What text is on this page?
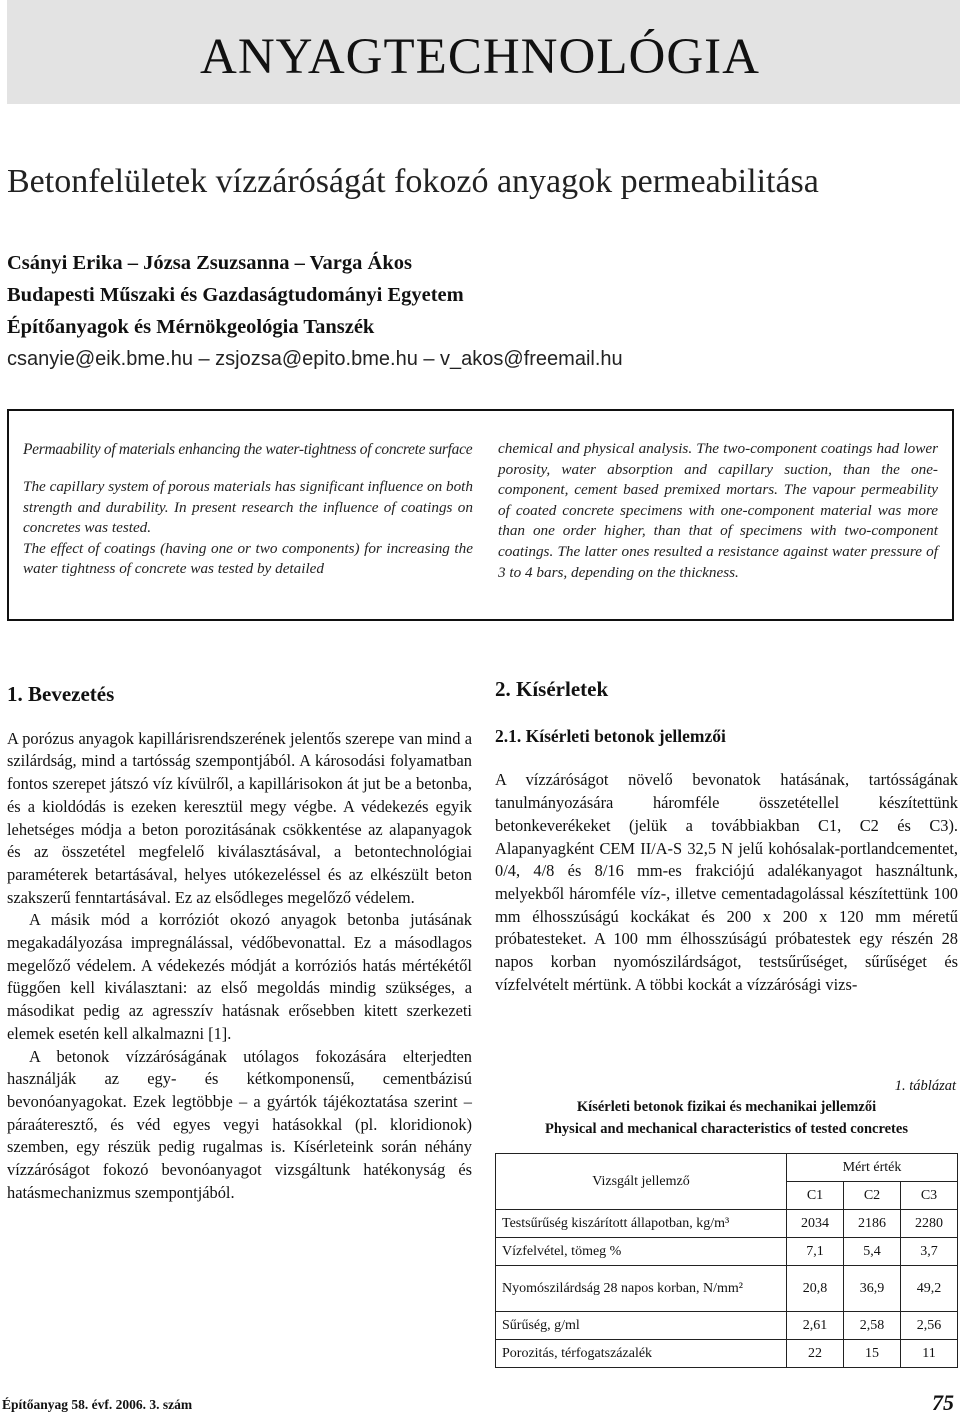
ANYAGTECHNOLÓGIA
Betonfelületek vízzáróságát fokozó anyagok permeabilitása
Csányi Erika – Józsa Zsuzsanna – Varga Ákos
Budapesti Műszaki és Gazdaságtudományi Egyetem
Építőanyagok és Mérnökgeológia Tanszék
csanyie@eik.bme.hu – zsjozsa@epito.bme.hu – v_akos@freemail.hu
Permaability of materials enhancing the water-tightness of concrete surface

The capillary system of porous materials has significant influence on both strength and durability. In present research the influence of coatings on concretes was tested.

The effect of coatings (having one or two components) for increasing the water tightness of concrete was tested by detailed

chemical and physical analysis. The two-component coatings had lower porosity, water absorption and capillary suction, than the one-component, cement based premixed mortars. The vapour permeability of coated concrete specimens with one-component material was more than one order higher, than that of specimens with two-component coatings. The latter ones resulted a resistance against water pressure of 3 to 4 bars, depending on the thickness.

1. Bevezetés

A porózus anyagok kapillárisrendszerének jelentős szerepe van mind a szilárdság, mind a tartósság szempontjából. A károsodási folyamatban fontos szerepet játszó víz kívülről, a kapillárisokon át jut be a betonba, és a kioldódás is ezeken keresztül megy végbe. A védekezés egyik lehetséges módja a beton porozitásának csökkentése az alapanyagok és az összetétel megfelelő kiválasztásával, a betontechnológiai paraméterek betartásával, helyes utókezeléssel és az elkészült beton szakszerű fenntartásával. Ez az elsődleges megelőző védelem.

A másik mód a korróziót okozó anyagok betonba jutásának megakadályozása impregnálással, védőbevonattal. Ez a másodlagos megelőző védelem. A védekezés módját a korróziós hatás mértékétől függően kell kiválasztani: az első megoldás mindig szükséges, a másodikat pedig az agresszív hatásnak erősebben kitett szerkezeti elemek esetén kell alkalmazni [1].

A betonok vízzáróságának utólagos fokozására elterjedten használják az egy- és kétkomponensű, cementbázisú bevonóanyagokat. Ezek legtöbbje – a gyártók tájékoztatása szerint – páraáteresztő, és véd egyes vegyi hatásokkal (pl. kloridionok) szemben, egy részük pedig rugalmas is. Kísérleteink során néhány vízzáróságot fokozó bevonóanyagot vizsgáltunk hatékonyság és hatásmechanizmus szempontjából.

2. Kísérletek
2.1. Kísérleti betonok jellemzői

A vízzáróságot növelő bevonatok hatásának, tartósságának tanulmányozására háromféle összetétellel készítettünk betonkeverékeket (jelük a továbbiakban C1, C2 és C3). Alapanyagként CEM II/A-S 32,5 N jelű kohósalak-portlandcementet, 0/4, 4/8 és 8/16 mm-es frakciójú adalékanyagot használtunk, melyekből háromféle víz-, illetve cementadagolással készítettünk 100 mm élhosszúságú kockákat és 200 x 200 x 120 mm méretű próbatesteket. A 100 mm élhosszúságú próbatestek egy részén 28 napos korban nyomószilárdságot, testsűrűséget, sűrűséget és vízfelvételt mértünk. A többi kockát a vízzárósági vizs-

1. táblázat
Kísérleti betonok fizikai és mechanikai jellemzői
Physical and mechanical characteristics of tested concretes
Vizsgált jellemző	Mért érték		
	C1	C2	C3
Testsűrűség kiszárított állapotban, kg/m³	2034	2186	2280
Vízfelvétel, tömeg %	7,1	5,4	3,7
Nyomószilárdság 28 napos korban, N/mm²	20,8	36,9	49,2
Sűrűség, g/ml	2,61	2,58	2,56
Porozitás, térfogatszázalék	22	15	11
Építőanyag 58. évf. 2006. 3. szám	75
